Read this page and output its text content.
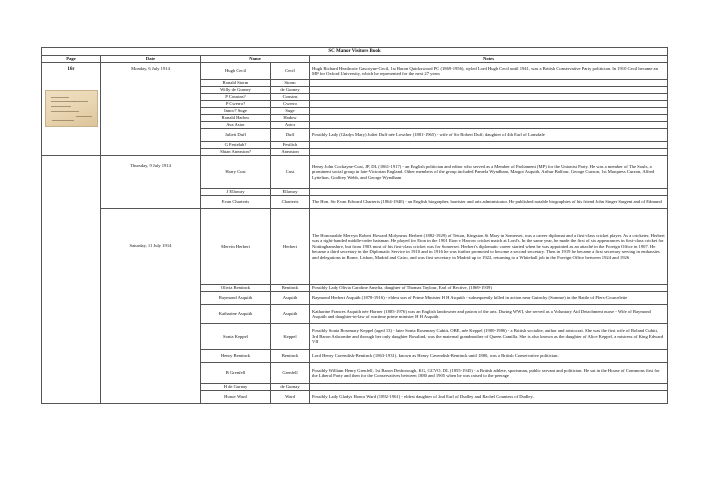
SC Manor Visitors Book				
Page	Date	Name		Notes
16r	Monday, 6 July 1914	Hugh Cecil	Cecil	Hugh Richard Heathcote Gascoyne-Cecil, 1st Baron Quickswood PC (1869-1956), styled Lord Hugh Cecil until 1941, was a British Conservative Party politician. In 1910 Cecil became an MP for Oxford University, which he represented for the next 27 years
		Ronald Storm	Storm	
		Willy de Gurney	de Gurney	
		P Cousins?	Cousins	
		P Cwerro?	Cwerro	
		Innoc? Suge	Suge	
		Ronald Hadow	Hadow	
		Ava Astor	Astor	
		Juliett Duff	Duff	Possibly Lady (Gladys Mary) Juliet Duff née Lowther (1881-1965) - wife of Sir Robert Duff; daughter of 4th Earl of Lonsdale
		G Festelah?	Festlich	
		Shian Aneaston?	Aneaston	
	Thursday, 9 July 1914	Harry Cust	Cust	Henry John Cockayne-Cust, JP, DL (1861-1917) - an English politician and editor who served as a Member of Parliament (MP) for the Unionist Party. He was a member of The Souls, a prominent social group in late-Victorian England. Other members of the group included Pamela Wyndham, Margot Asquith, Arthur Balfour, George Curzon, 1st Marquess Curzon, Alfred Lyttelton, Godfrey Webb, and George Wyndham
		J Ellaway	Ellaway	
		Evan Charteris	Charteris	The Hon. Sir Evan Edward Charteris (1864-1940) - an English biographer, barrister and arts administrator. He published notable biographies of his friend John Singer Sargent and of Edmund
	Saturday, 11 July 1914	Mervin Herbert	Herbert	The Honourable Mervyn Robert Howard Molyneux Herbert (1882-1929) of Tetton, Kingston St Mary in Somerset, was a career diplomat and a first-class cricket player. As a cricketer, Herbert was a right-handed middle-order batsman. He played for Eton in the 1901 Eton v Harrow cricket match at Lord's. In the same year, he made the first of six appearances in first-class cricket for Nottinghamshire, but from 1903 most of his first-class cricket was for Somerset. Herbert's diplomatic career started when he was appointed as an attaché in the Foreign Office in 1907. He became a third secretary in the Diplomatic Service in 1910 and in 1916 he was further promoted to become a second secretary. Then in 1919 he became a first secretary serving in embassies and delegations in Rome, Lisbon, Madrid and Cairo, and was first secretary in Madrid up to 1922, returning to a Whitehall job in the Foreign Office between 1924 and 1926
		Olivia Bentinck	Bentinck	Possibly Lady Olivia Caroline Amelia, daughter of Thomas Taylour, Earl of Bective, (1869-1939)
		Raymond Asquith	Asquith	Raymond Herbert Asquith (1878-1916) - eldest son of Prime Minister H H Asquith - subsequently killed in action near Guinchy (Somme) in the Battle of Flers-Courcelette
		Katharine Asquith	Asquith	Katharine Frances Asquith née Horner (1885-1976) was an English landowner and patron of the arts. During WWI, she served as a Voluntary Aid Detachment nurse - Wife of Raymond Asquith and daughter-in-law of wartime prime minister H H Asquith.
		Sonia Keppel	Keppel	Possibly Sonia Rosemary Keppel (aged 13) - later Sonia Rosemary Cubitt, OBE, née Keppel (1900-1986) - a British socialite, author and aristocrat. She was the first wife of Roland Cubitt, 3rd Baron Ashcombe and through her only daughter Rosalind, was the maternal grandmother of Queen Camilla. She is also known as the daughter of Alice Keppel, a mistress of King Edward VII
		Henry Bentinck	Bentinck	Lord Henry Cavendish-Bentinck (1863-1931), known as Henry Cavendish-Bentinck until 1880, was a British Conservative politician.
		B Grenfell	Grenfell	Possibly William Henry Grenfell, 1st Baron Desborough, KG, GCVO, DL (1855-1945) - a British athlete, sportsman, public servant and politician. He sat in the House of Commons first for the Liberal Party and then for the Conservatives between 1880 and 1905 when he was raised to the peerage
		H de Gurnay	de Gurnay	
		Honor Ward	Ward	Possibly Lady Gladys Honor Ward (1892-1961) - eldest daughter of 2nd Earl of Dudley and Rachel Countess of Dudley.
